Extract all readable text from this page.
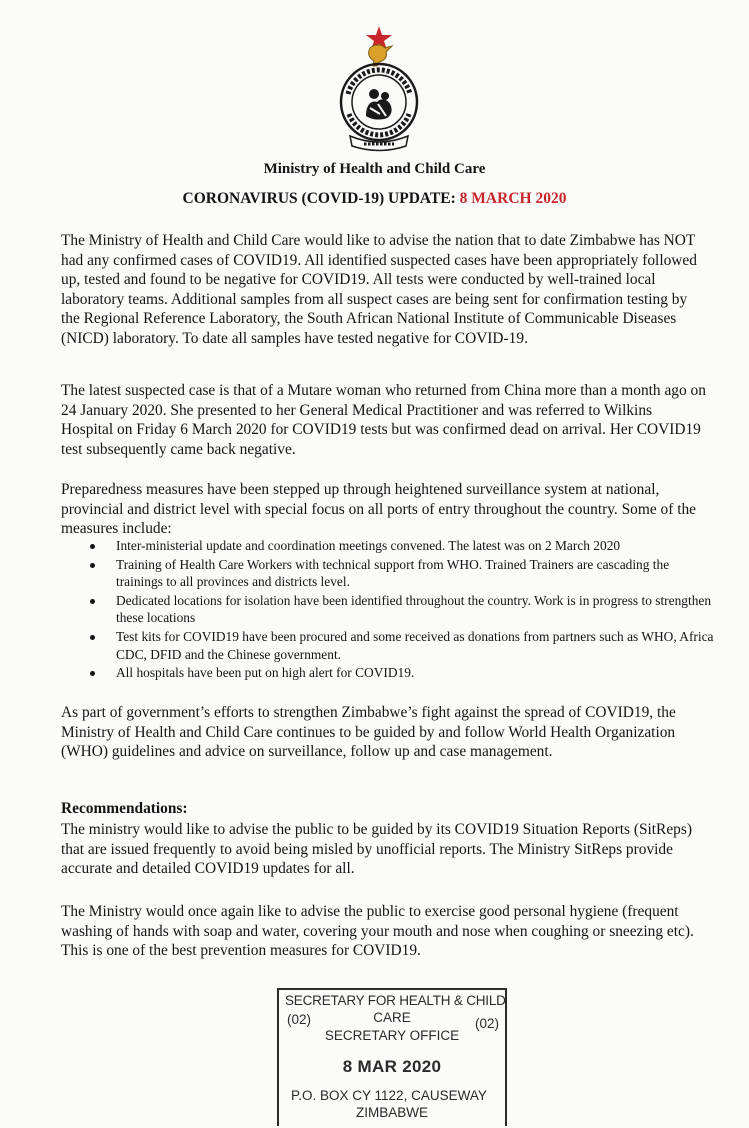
Ministry of Health and Child Care
CORONAVIRUS (COVID-19) UPDATE: 8 MARCH 2020

The Ministry of Health and Child Care would like to advise the nation that to date Zimbabwe has NOT had any confirmed cases of COVID19. All identified suspected cases have been appropriately followed up, tested and found to be negative for COVID19. All tests were conducted by well-trained local laboratory teams. Additional samples from all suspect cases are being sent for confirmation testing by the Regional Reference Laboratory, the South African National Institute of Communicable Diseases (NICD) laboratory. To date all samples have tested negative for COVID-19.

The latest suspected case is that of a Mutare woman who returned from China more than a month ago on 24 January 2020. She presented to her General Medical Practitioner and was referred to Wilkins Hospital on Friday 6 March 2020 for COVID19 tests but was confirmed dead on arrival. Her COVID19 test subsequently came back negative.

Preparedness measures have been stepped up through heightened surveillance system at national, provincial and district level with special focus on all ports of entry throughout the country. Some of the measures include:

Inter-ministerial update and coordination meetings convened. The latest was on 2 March 2020
Training of Health Care Workers with technical support from WHO. Trained Trainers are cascading the trainings to all provinces and districts level.
Dedicated locations for isolation have been identified throughout the country. Work is in progress to strengthen these locations
Test kits for COVID19 have been procured and some received as donations from partners such as WHO, Africa CDC, DFID and the Chinese government.
All hospitals have been put on high alert for COVID19.

As part of government’s efforts to strengthen Zimbabwe’s fight against the spread of COVID19, the Ministry of Health and Child Care continues to be guided by and follow World Health Organization (WHO) guidelines and advice on surveillance, follow up and case management.

Recommendations:

The ministry would like to advise the public to be guided by its COVID19 Situation Reports (SitReps) that are issued frequently to avoid being misled by unofficial reports. The Ministry SitReps provide accurate and detailed COVID19 updates for all.

The Ministry would once again like to advise the public to exercise good personal hygiene (frequent washing of hands with soap and water, covering your mouth and nose when coughing or sneezing etc). This is one of the best prevention measures for COVID19.

SECRETARY FOR HEALTH & CHILD
(02)	CARE	(02)
SECRETARY OFFICE
8 MAR 2020
P.O. BOX CY 1122, CAUSEWAY
ZIMBABWE
